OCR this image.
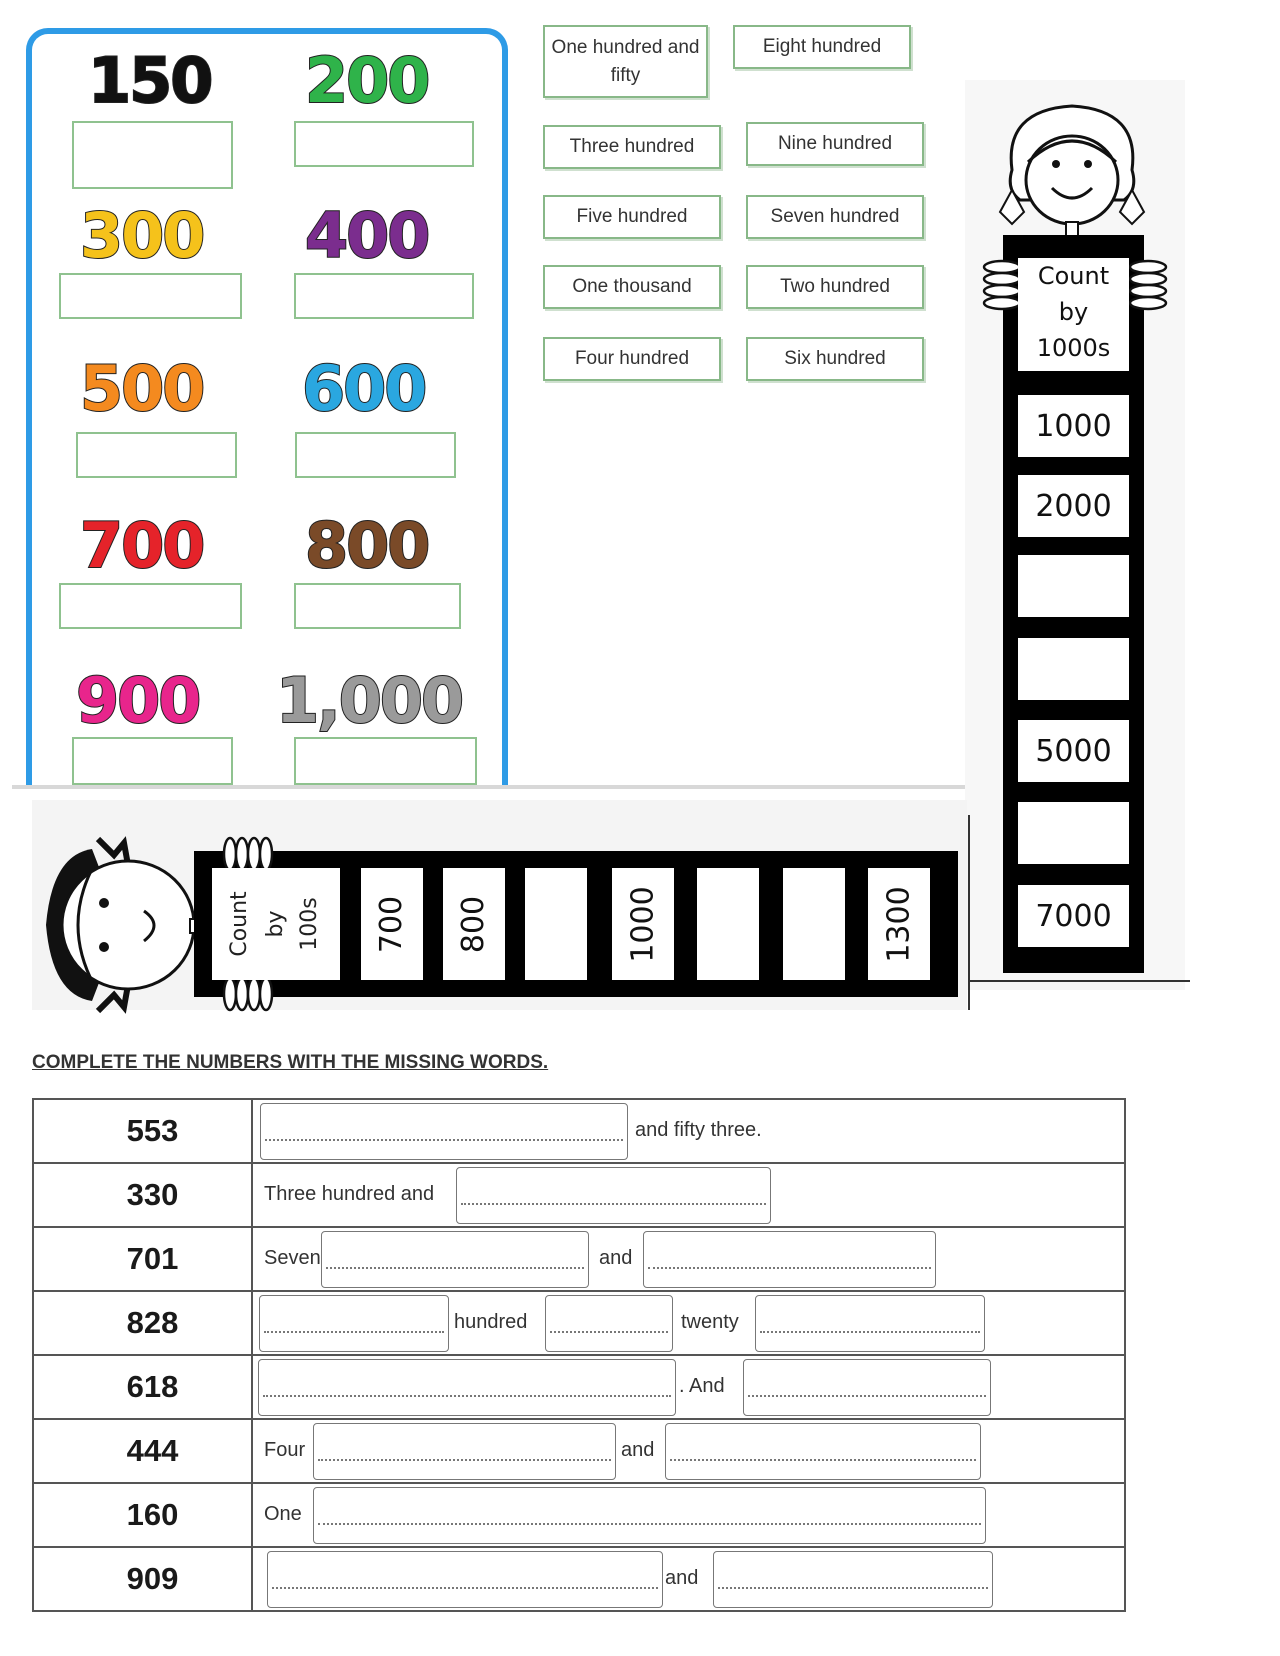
150 200
300 400
500 600
700 800
900 1,000
One hundred and fifty
Eight hundred
Three hundred	Nine hundred
Five hundred	Seven hundred
One thousand	Two hundred
Four hundred	Six hundred
Count
by
1000s
1000
2000
5000
7000
Count by 100s 700 800	1000	1300
COMPLETE THE NUMBERS WITH THE MISSING WORDS.
553	and fifty three.

330	Three hundred and

701	Seven and

828	hundred twenty

618	. And

444	Four and

160	One

909	and
